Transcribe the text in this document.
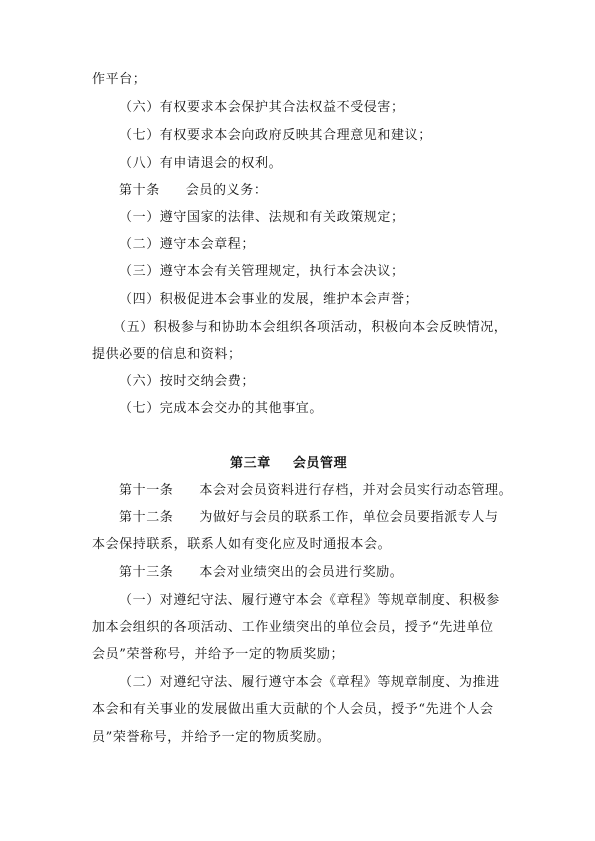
作平台；
（六）有权要求本会保护其合法权益不受侵害；
（七）有权要求本会向政府反映其合理意见和建议；
（八）有申请退会的权利。
第十条 会员的义务：
（一）遵守国家的法律、法规和有关政策规定；
（二）遵守本会章程；
（三）遵守本会有关管理规定，执行本会决议；
（四）积极促进本会事业的发展，维护本会声誉；
（五）积极参与和协助本会组织各项活动，积极向本会反映情况，
提供必要的信息和资料；
（六）按时交纳会费；
（七）完成本会交办的其他事宜。
第三章 会员管理
第十一条 本会对会员资料进行存档，并对会员实行动态管理。
第十二条 为做好与会员的联系工作，单位会员要指派专人与
本会保持联系，联系人如有变化应及时通报本会。
第十三条 本会对业绩突出的会员进行奖励。
（一）对遵纪守法、履行遵守本会《章程》等规章制度、积极参
加本会组织的各项活动、工作业绩突出的单位会员，授予“先进单位
会员”荣誉称号，并给予一定的物质奖励；
（二）对遵纪守法、履行遵守本会《章程》等规章制度、为推进
本会和有关事业的发展做出重大贡献的个人会员，授予“先进个人会
员”荣誉称号，并给予一定的物质奖励。
